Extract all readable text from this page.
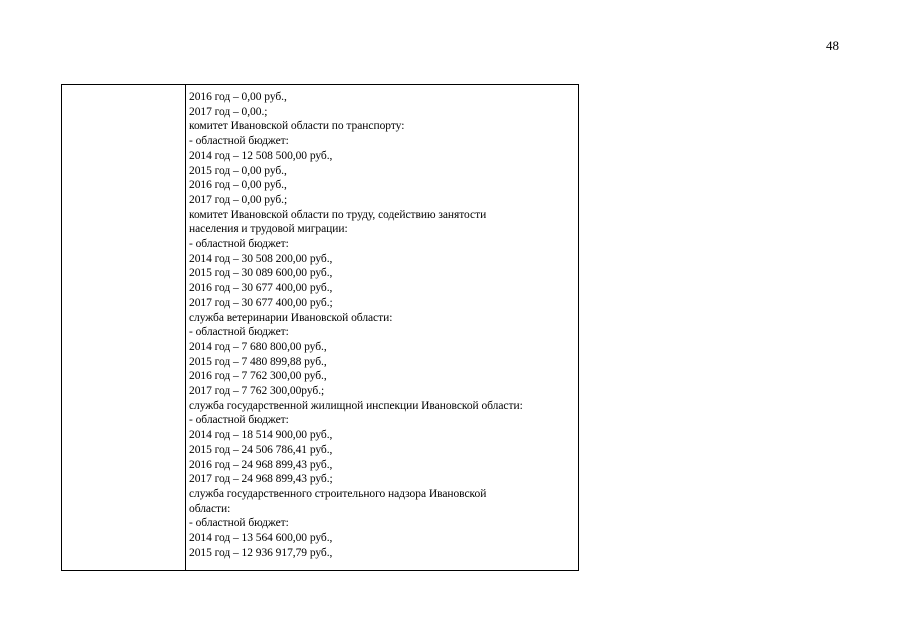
48

2016 год – 0,00 руб.,
2017 год – 0,00.;
комитет Ивановской области по транспорту:
- областной бюджет:
2014 год – 12 508 500,00 руб.,
2015 год – 0,00 руб.,
2016 год – 0,00 руб.,
2017 год – 0,00 руб.;
комитет Ивановской области по труду, содействию занятости
населения и трудовой миграции:
- областной бюджет:
2014 год – 30 508 200,00 руб.,
2015 год – 30 089 600,00 руб.,
2016 год – 30 677 400,00 руб.,
2017 год – 30 677 400,00 руб.;
служба ветеринарии Ивановской области:
- областной бюджет:
2014 год – 7 680 800,00 руб.,
2015 год – 7 480 899,88 руб.,
2016 год – 7 762 300,00 руб.,
2017 год – 7 762 300,00руб.;
служба государственной жилищной инспекции Ивановской области:
- областной бюджет:
2014 год – 18 514 900,00 руб.,
2015 год – 24 506 786,41 руб.,
2016 год – 24 968 899,43 руб.,
2017 год – 24 968 899,43 руб.;
служба государственного строительного надзора Ивановской
области:
- областной бюджет:
2014 год – 13 564 600,00 руб.,
2015 год – 12 936 917,79 руб.,
